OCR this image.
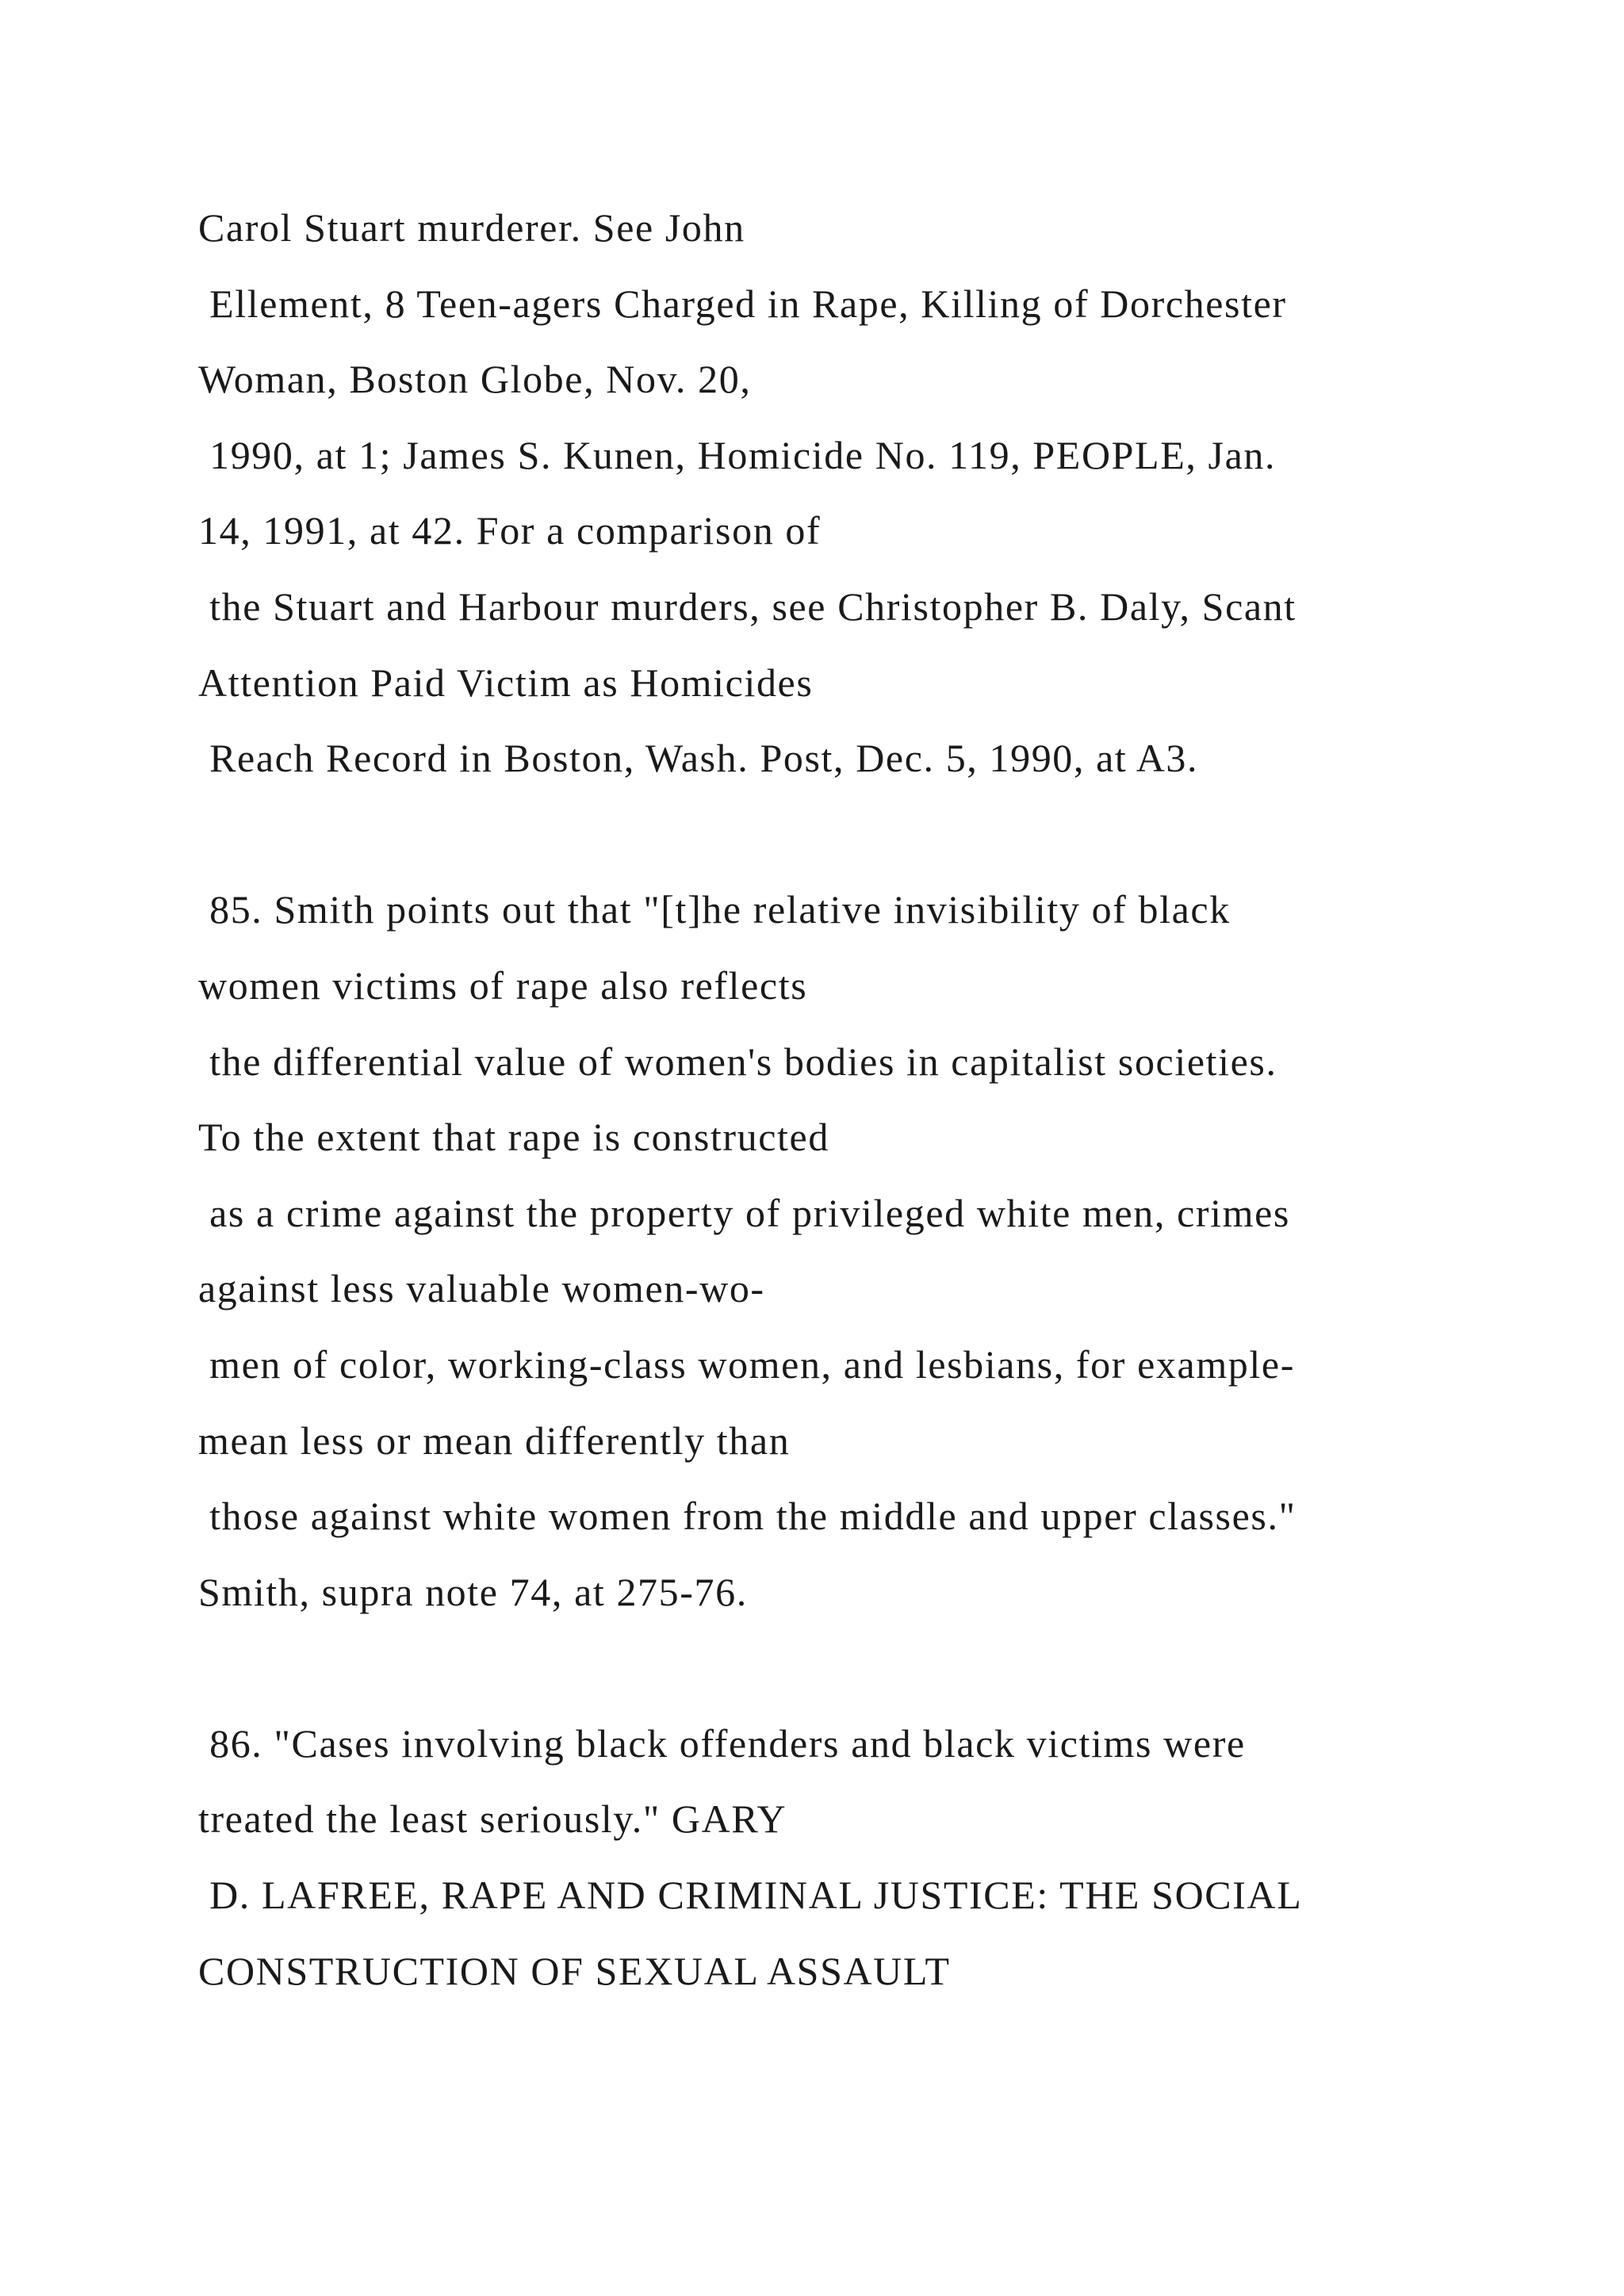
Carol Stuart murderer. See John
Ellement, 8 Teen-agers Charged in Rape, Killing of Dorchester
Woman, Boston Globe, Nov. 20,
1990, at 1; James S. Kunen, Homicide No. 119, PEOPLE, Jan.
14, 1991, at 42. For a comparison of
the Stuart and Harbour murders, see Christopher B. Daly, Scant
Attention Paid Victim as Homicides
Reach Record in Boston, Wash. Post, Dec. 5, 1990, at A3.
85. Smith points out that "[t]he relative invisibility of black
women victims of rape also reflects
the differential value of women's bodies in capitalist societies.
To the extent that rape is constructed
as a crime against the property of privileged white men, crimes
against less valuable women-wo-
men of color, working-class women, and lesbians, for example-
mean less or mean differently than
those against white women from the middle and upper classes."
Smith, supra note 74, at 275-76.
86. "Cases involving black offenders and black victims were
treated the least seriously." GARY
D. LAFREE, RAPE AND CRIMINAL JUSTICE: THE SOCIAL
CONSTRUCTION OF SEXUAL ASSAULT
